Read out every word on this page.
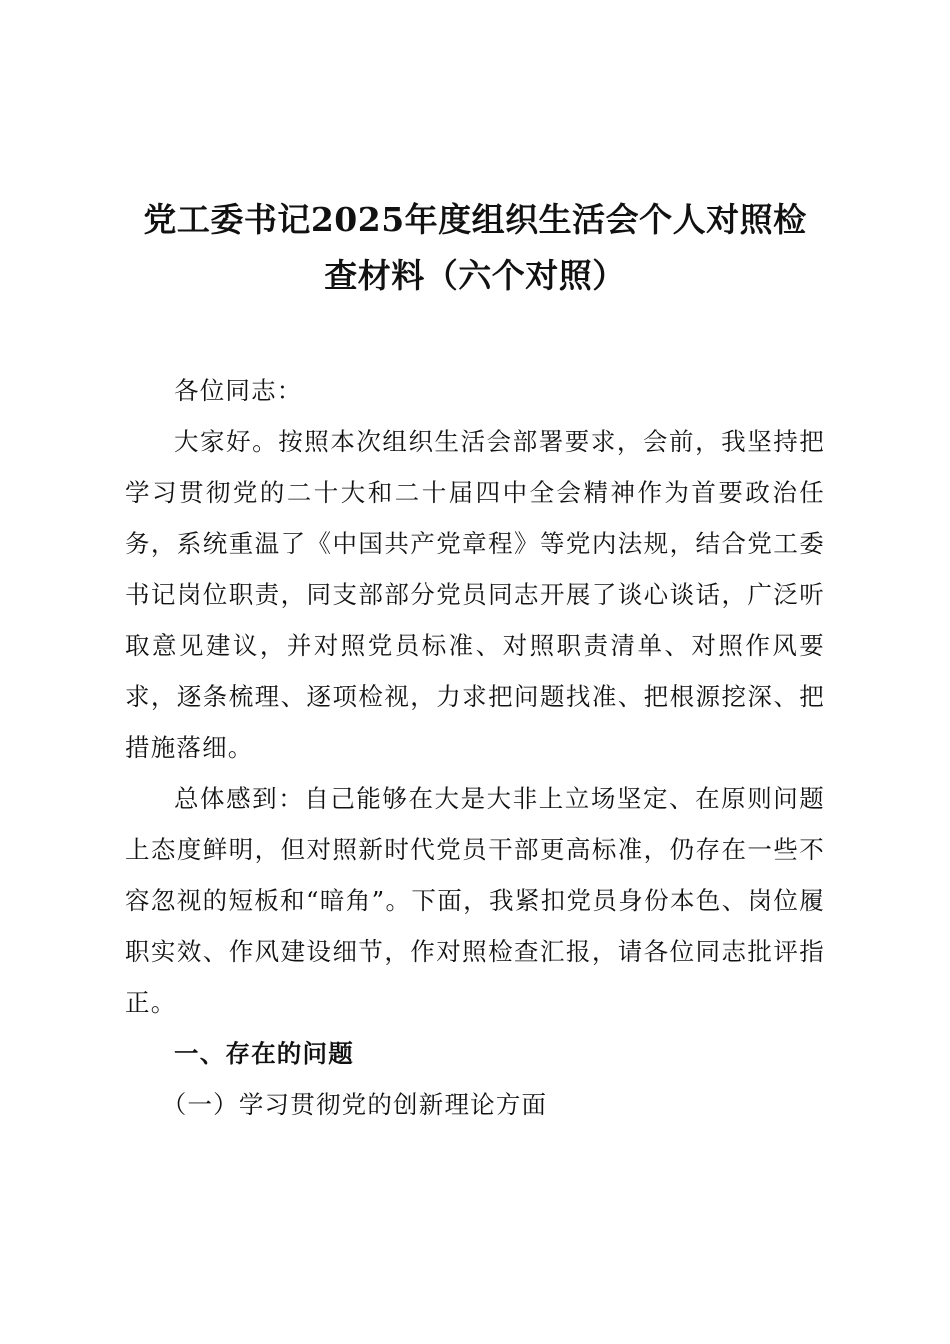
党工委书记2025年度组织生活会个人对照检
查材料（六个对照）

各位同志：

大家好。按照本次组织生活会部署要求，会前，我坚持把学习贯彻党的二十大和二十届四中全会精神作为首要政治任务，系统重温了《中国共产党章程》等党内法规，结合党工委书记岗位职责，同支部部分党员同志开展了谈心谈话，广泛听取意见建议，并对照党员标准、对照职责清单、对照作风要求，逐条梳理、逐项检视，力求把问题找准、把根源挖深、把措施落细。

总体感到：自己能够在大是大非上立场坚定、在原则问题上态度鲜明，但对照新时代党员干部更高标准，仍存在一些不容忽视的短板和“暗角”。下面，我紧扣党员身份本色、岗位履职实效、作风建设细节，作对照检查汇报，请各位同志批评指正。

一、存在的问题
（一）学习贯彻党的创新理论方面
